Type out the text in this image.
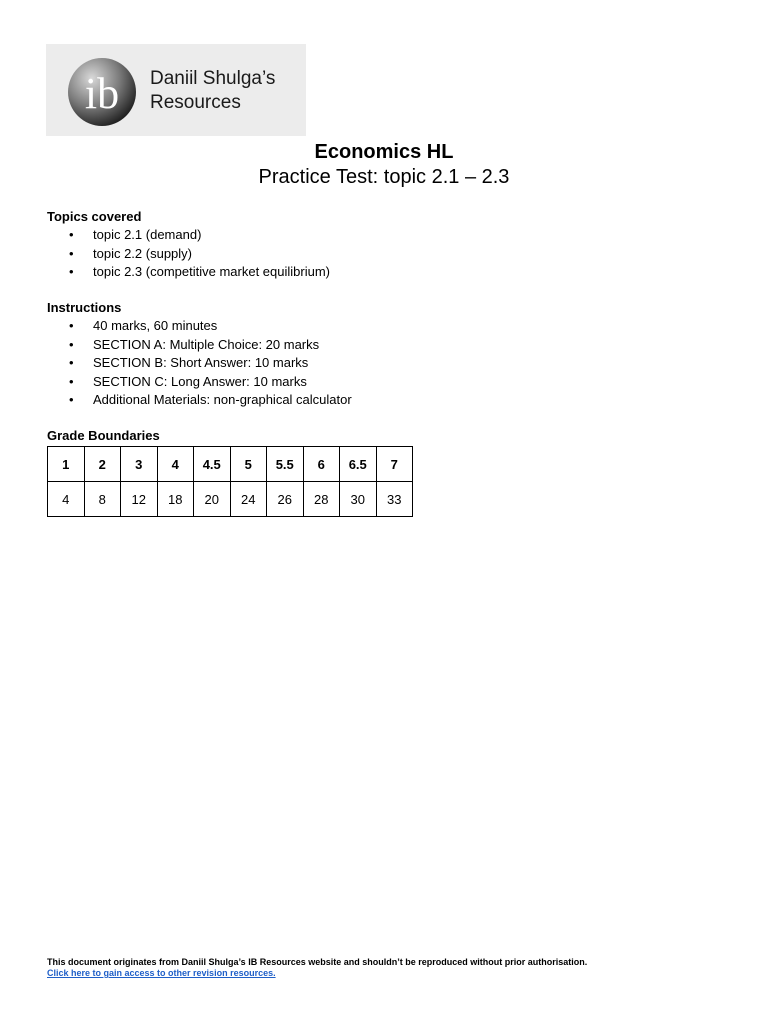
ib Daniil Shulga’s
Resources
Economics HL
Practice Test: topic 2.1 – 2.3
Topics covered
• topic 2.1 (demand)
• topic 2.2 (supply)
• topic 2.3 (competitive market equilibrium)
Instructions
• 40 marks, 60 minutes
• SECTION A: Multiple Choice: 20 marks
• SECTION B: Short Answer: 10 marks
• SECTION C: Long Answer: 10 marks
• Additional Materials: non-graphical calculator
Grade Boundaries
1	2	3	4	4.5	5	5.5	6	6.5	7
4	8	12	18	20	24	26	28	30	33
This document originates from Daniil Shulga’s IB Resources website and shouldn’t be reproduced without prior authorisation.
Click here to gain access to other revision resources.
